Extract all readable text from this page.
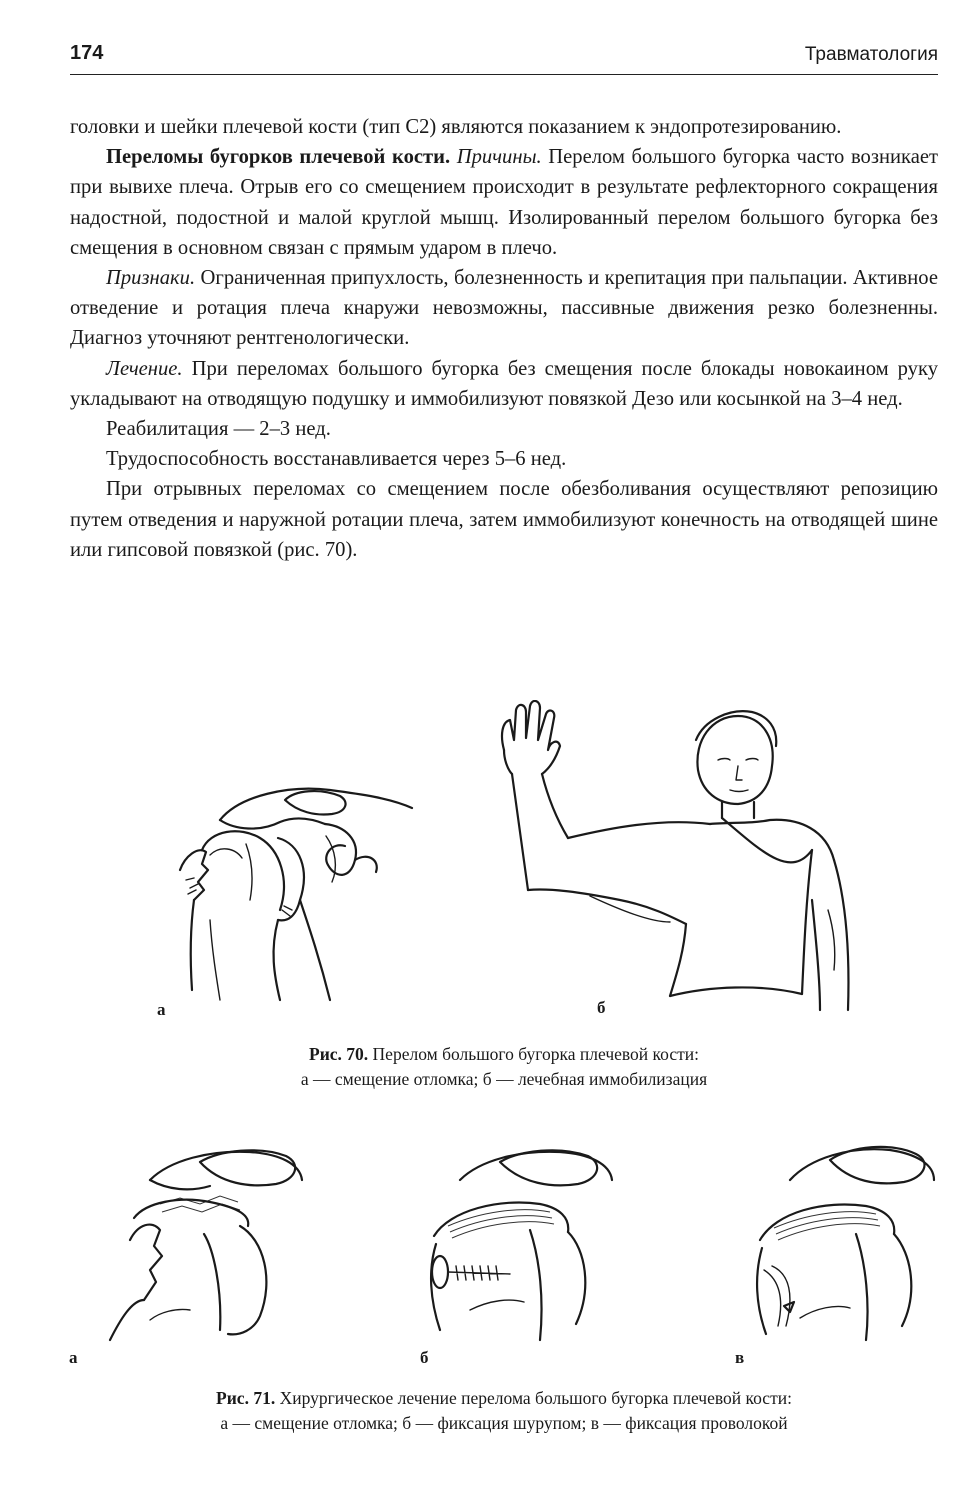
174	Травматология

головки и шейки плечевой кости (тип С2) являются показанием к эндопротезированию.

Переломы бугорков плечевой кости. Причины. Перелом большого бугорка часто возникает при вывихе плеча. Отрыв его со смещением происходит в результате рефлекторного сокращения надостной, подостной и малой круглой мышц. Изолированный перелом большого бугорка без смещения в основном связан с прямым ударом в плечо.

Признаки. Ограниченная припухлость, болезненность и крепитация при пальпации. Активное отведение и ротация плеча кнаружи невозможны, пассивные движения резко болезненны. Диагноз уточняют рентгенологически.

Лечение. При переломах большого бугорка без смещения после блокады новокаином руку укладывают на отводящую подушку и иммобилизуют повязкой Дезо или косынкой на 3–4 нед.

Реабилитация — 2–3 нед.

Трудоспособность восстанавливается через 5–6 нед.

При отрывных переломах со смещением после обезболивания осуществляют репозицию путем отведения и наружной ротации плеча, затем иммобилизуют конечность на отводящей шине или гипсовой повязкой (рис. 70).

а	б
Рис. 70. Перелом большого бугорка плечевой кости:
а — смещение отломка; б — лечебная иммобилизация
а	б	в
Рис. 71. Хирургическое лечение перелома большого бугорка плечевой кости:
а — смещение отломка; б — фиксация шурупом; в — фиксация проволокой
